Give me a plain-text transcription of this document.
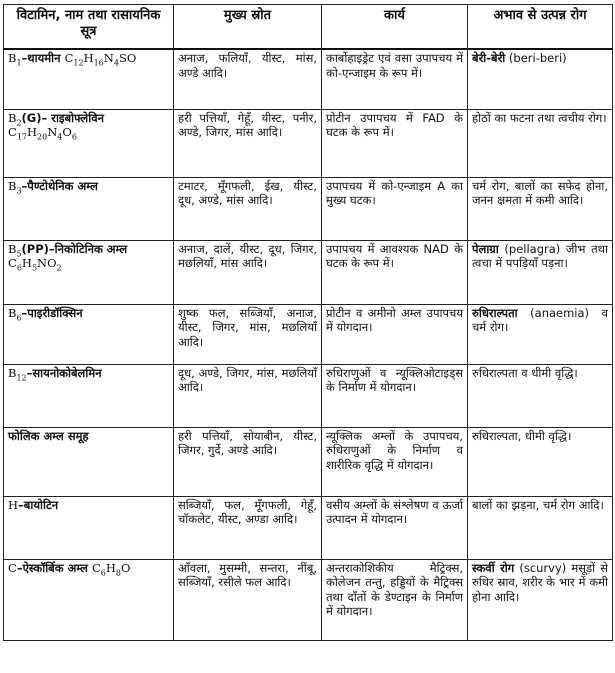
विटामिन, नाम तथा रासायनिक सूत्र	मुख्य स्रोत	कार्य	अभाव से उत्पन्न रोग
$B_1-थायमीन$ $C_{12}H_{16}N_4SO$	अनाज, फलियाँ, यीस्ट, मांस, अण्डे आदि।	कार्बोहाइड्रेट एवं वसा उपापचय में को-एन्जाइम के रूप में।	बेरी-बेरी (beri-beri)
$B_2(G)-$ राइबोफ्लेविन $C_{17}H_{20}N_4O_6$	हरी पत्तियाँ, गेहूँ, यीस्ट, पनीर, अण्डे, जिगर, मांस आदि।	प्रोटीन उपापचय में FAD के घटक के रूप में।	होठों का फटना तथा त्वचीय रोग।
$B_3-पैण्टोथेनिक$ अम्ल	टमाटर, मूँगफली, ईख, यीस्ट, दूध, अण्डे, मांस आदि।	उपापचय में को-एन्जाइम A का मुख्य घटक।	चर्म रोग, बालों का सफेद होना, जनन क्षमता में कमी आदि।
$B_5(PP)-निकोटिनिक$ अम्ल $C_6H_5NO_2$	अनाज, दालें, यीस्ट, दूध, जिगर, मछलियाँ, मांस आदि।	उपापचय में आवश्यक NAD के घटक के रूप में।	पेलाग्रा (pellagra) जीभ तथा त्वचा में पपड़ियाँ पड़ना।
$B_6-पाइरीडॉक्सिन$	शुष्क फल, सब्जियाँ, अनाज, यीस्ट, जिगर, मांस, मछलियाँ आदि।	प्रोटीन व अमीनो अम्ल उपापचय में योगदान।	रुधिराल्पता (anaemia) व चर्म रोग।
$B_{12}-सायनोकोबेलमिन$	दूध, अण्डे, जिगर, मांस, मछलियाँ आदि।	रुधिराणुओं व न्यूक्लिओटाइड्स के निर्माण में योगदान।	रुधिराल्पता व धीमी वृद्धि।
फोलिक अम्ल समूह	हरी पत्तियाँ, सोयाबीन, यीस्ट, जिगर, गुर्दे, अण्डे आदि।	न्यूक्लिक अम्लों के उपापचय, रुधिराणुओं के निर्माण व शारीरिक वृद्धि में योगदान।	रुधिराल्पता, धीमी वृद्धि।
H–बायोटिन	सब्जियाँ, फल, मूँगफली, गेहूँ, चॉकलेट, यीस्ट, अण्डा आदि।	वसीय अम्लों के संश्लेषण व ऊर्जा उत्पादन में योगदान।	बालों का झड़ना, चर्म रोग आदि।
C–ऐस्कॉर्बिक अम्ल $C_6H_8O$	आँवला, मुसम्मी, सन्तरा, नींबू, सब्जियाँ, रसीले फल आदि।	अन्तराकोशिकीय मैट्रिक्स, कोलेजन तन्तु, हड्डियों के मैट्रिक्स तथा दाँतों के डेण्टाइन के निर्माण में योगदान।	स्कर्वी रोग (scurvy) मसूड़ों से रुधिर स्राव, शरीर के भार में कमी होना आदि।
